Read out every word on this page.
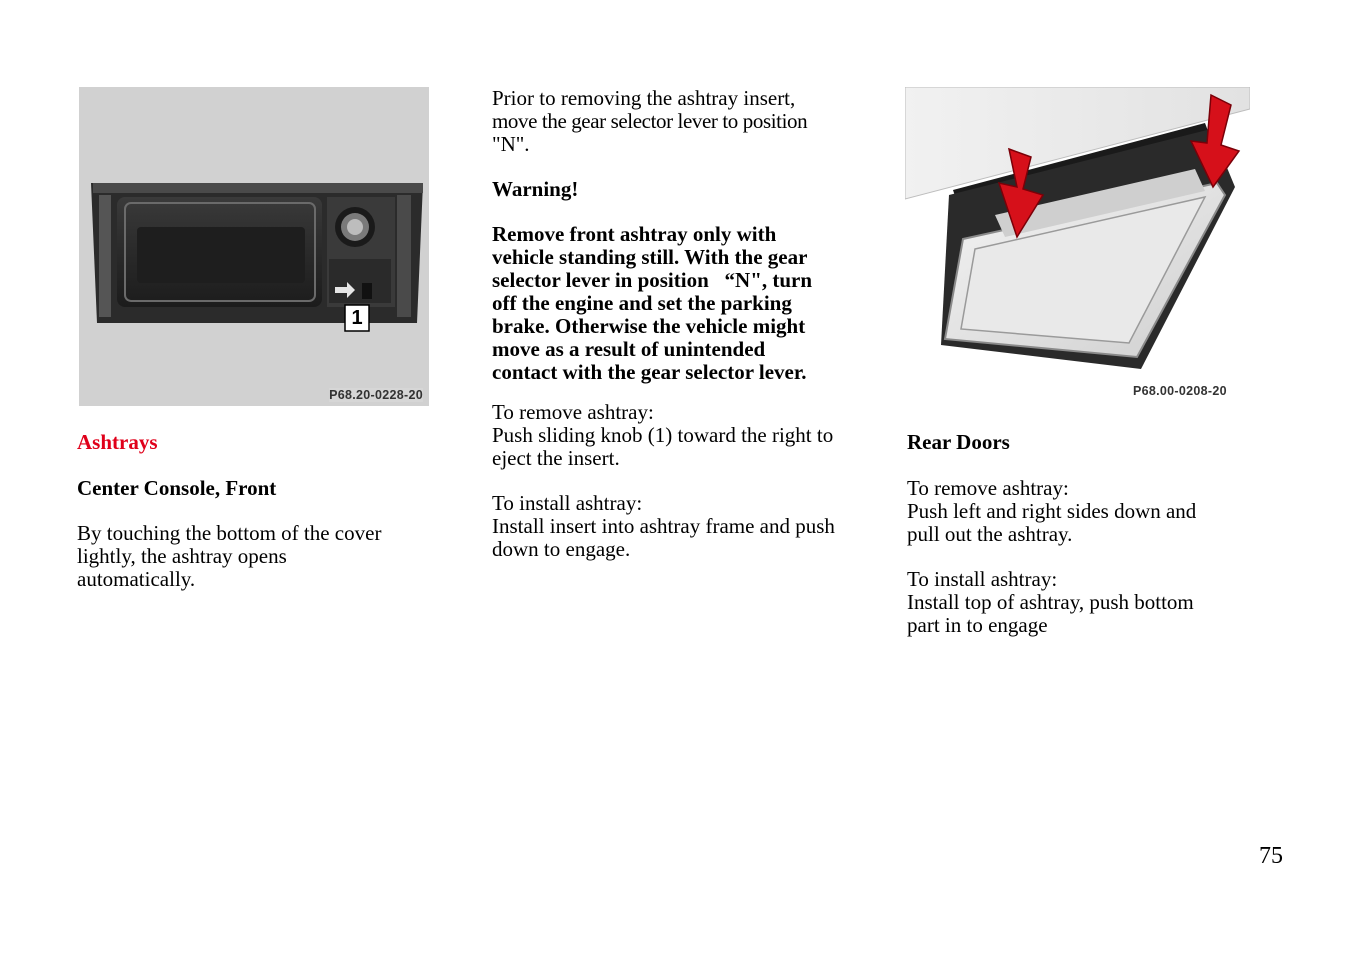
1
P68.20-0228-20
Ashtrays
Center Console, Front

By touching the bottom of the cover

lightly, the ashtray opens

automatically.

Prior to removing the ashtray insert,

move the gear selector lever to position

"N".

Warning!

Remove front ashtray only with

vehicle standing still. With the gear

selector lever in position   “N", turn

off the engine and set the parking

brake. Otherwise the vehicle might

move as a result of unintended

contact with the gear selector lever.

To remove ashtray:

Push sliding knob (1) toward the right to

eject the insert.

To install ashtray:

Install insert into ashtray frame and push

down to engage.

P68.00-0208-20
Rear Doors

To remove ashtray:

Push left and right sides down and

pull out the ashtray.

To install ashtray:

Install top of ashtray, push bottom

part in to engage

75
